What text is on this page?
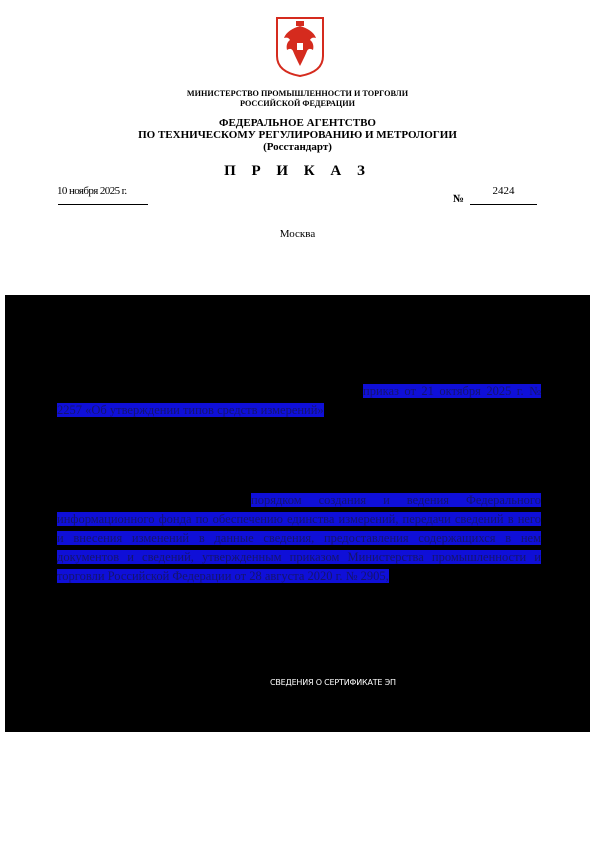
МИНИСТЕРСТВО ПРОМЫШЛЕННОСТИ И ТОРГОВЛИ
РОССИЙСКОЙ ФЕДЕРАЦИИ
ФЕДЕРАЛЬНОЕ АГЕНТСТВО
ПО ТЕХНИЧЕСКОМУ РЕГУЛИРОВАНИЮ И МЕТРОЛОГИИ
(Росстандарт)
П Р И К А З
10 ноября 2025 г.
№
2424
Москва
приказ от 21 октября 2025 г. № 2257 «Об утверждении типов средств измерений»
порядком создания и ведения Федерального информационного фонда по обеспечению единства измерений, передачи сведений в него и внесения изменений в данные сведения, предоставления содержащихся в нем документов и сведений, утвержденным приказом Министерства промышленности и торговли Российской Федерации от 28 августа 2020 г. № 2905,
СВЕДЕНИЯ О СЕРТИФИКАТЕ ЭП
